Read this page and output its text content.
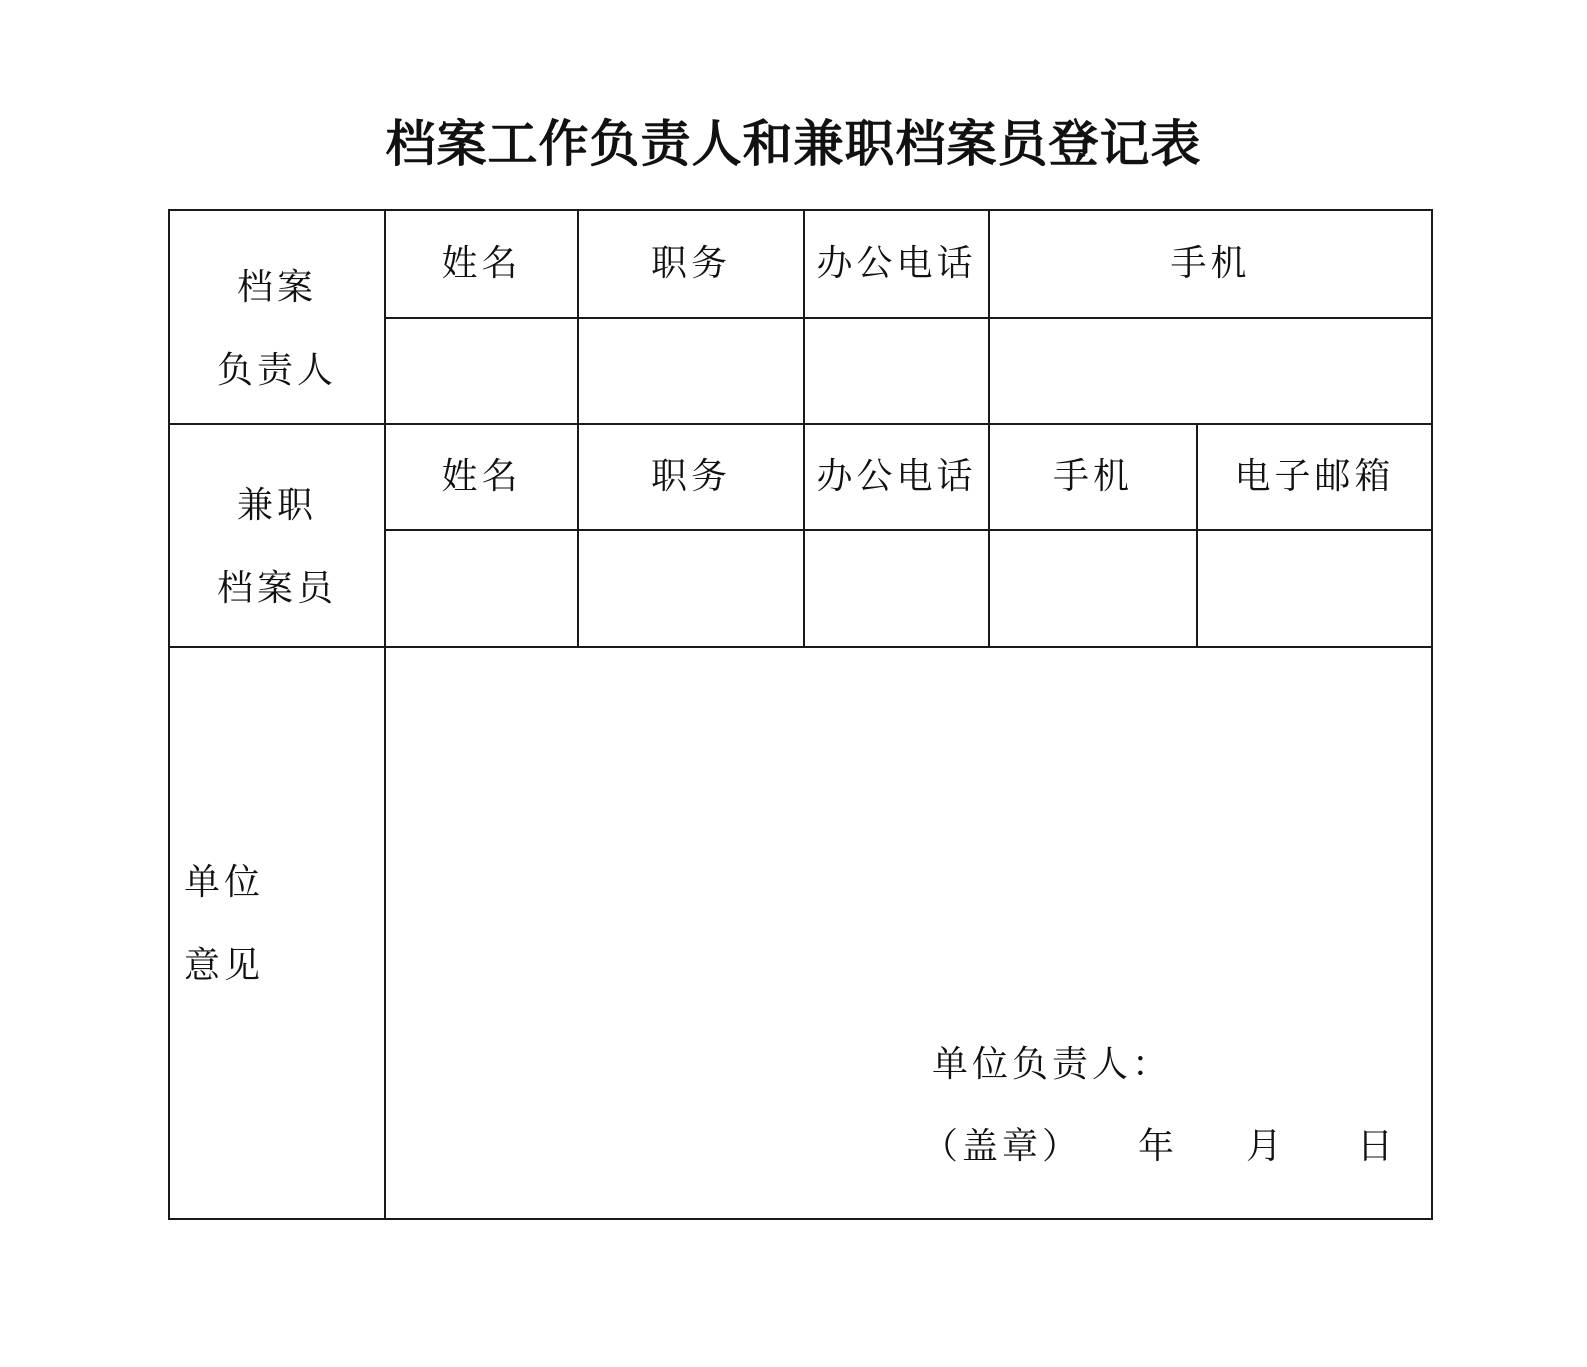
档案工作负责人和兼职档案员登记表
档案
负责人
姓名	职务	办公电话	手机
兼职
档案员
姓名	职务	办公电话	手机	电子邮箱
单位
意见
单位负责人：
（盖章） 年 月 日
